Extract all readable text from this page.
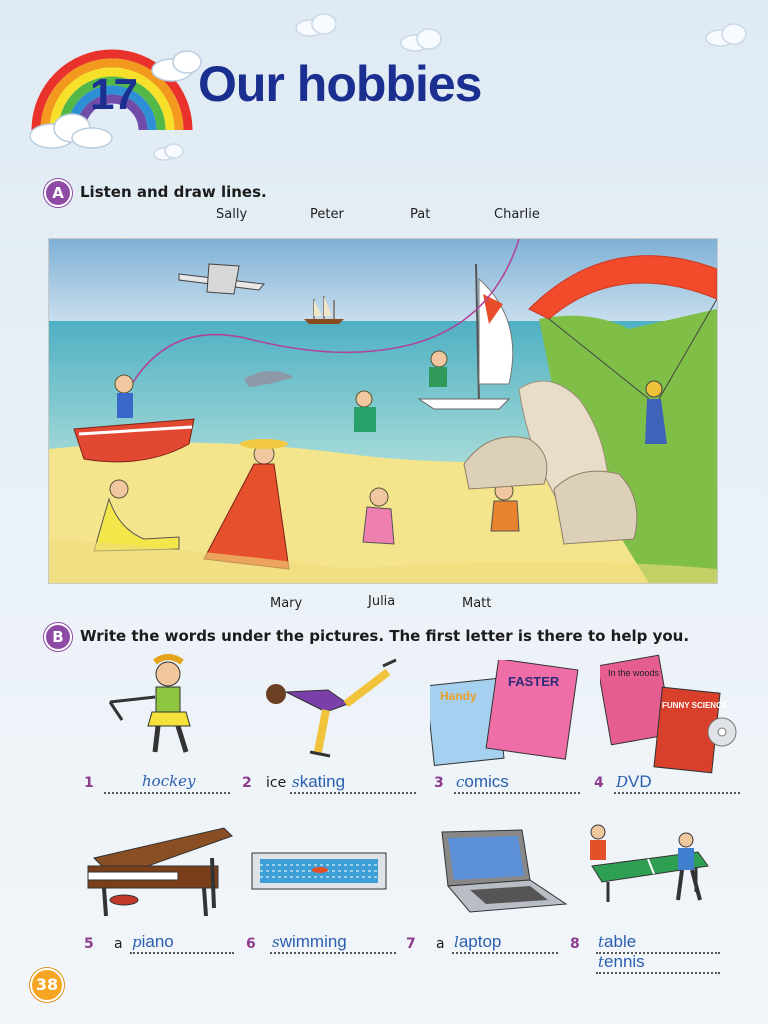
17 Our hobbies
A	Listen and draw lines.
Sally	Peter	Pat	Charlie
Mary	Julia	Matt
B	Write the words under the pictures. The first letter is there to help you.
Handy
FASTER
In the woods
FUNNY SCIENCE
1	hockey	2 ice skating	3 comics	4 DVD
5 a piano	6 swimming	7 a laptop	8 table
tennis
38
